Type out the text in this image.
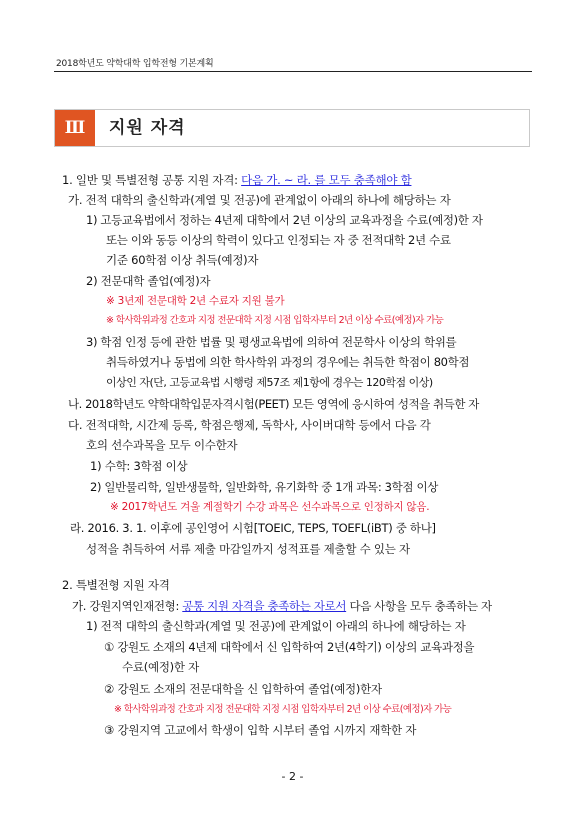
2018학년도 약학대학 입학전형 기본계획
Ⅲ	지원 자격
1. 일반 및 특별전형 공통 지원 자격: 다음 가. ~ 라. 를 모두 충족해야 함
가. 전적 대학의 출신학과(계열 및 전공)에 관계없이 아래의 하나에 해당하는 자
1) 고등교육법에서 정하는 4년제 대학에서 2년 이상의 교육과정을 수료(예정)한 자
또는 이와 동등 이상의 학력이 있다고 인정되는 자 중 전적대학 2년 수료
기준 60학점 이상 취득(예정)자
2) 전문대학 졸업(예정)자
※ 3년제 전문대학 2년 수료자 지원 불가
※ 학사학위과정 간호과 지정 전문대학 지정 시점 입학자부터 2년 이상 수료(예정)자 가능
3) 학점 인정 등에 관한 법률 및 평생교육법에 의하여 전문학사 이상의 학위를
취득하였거나 동법에 의한 학사학위 과정의 경우에는 취득한 학점이 80학점
이상인 자(단, 고등교육법 시행령 제57조 제1항에 경우는 120학점 이상)
나. 2018학년도 약학대학입문자격시험(PEET) 모든 영역에 응시하여 성적을 취득한 자
다. 전적대학, 시간제 등록, 학점은행제, 독학사, 사이버대학 등에서 다음 각
호의 선수과목을 모두 이수한자
1) 수학: 3학점 이상
2) 일반물리학, 일반생물학, 일반화학, 유기화학 중 1개 과목: 3학점 이상
※ 2017학년도 겨울 계절학기 수강 과목은 선수과목으로 인정하지 않음.
라. 2016. 3. 1. 이후에 공인영어 시험[TOEIC, TEPS, TOEFL(iBT) 중 하나]
성적을 취득하여 서류 제출 마감일까지 성적표를 제출할 수 있는 자
2. 특별전형 지원 자격
가. 강원지역인재전형: 공통 지원 자격을 충족하는 자로서 다음 사항을 모두 충족하는 자
1) 전적 대학의 출신학과(계열 및 전공)에 관계없이 아래의 하나에 해당하는 자
① 강원도 소재의 4년제 대학에서 신 입학하여 2년(4학기) 이상의 교육과정을
수료(예정)한 자
② 강원도 소재의 전문대학을 신 입학하여 졸업(예정)한자
※ 학사학위과정 간호과 지정 전문대학 지정 시점 입학자부터 2년 이상 수료(예정)자 가능
③ 강원지역 고교에서 학생이 입학 시부터 졸업 시까지 재학한 자
- 2 -
